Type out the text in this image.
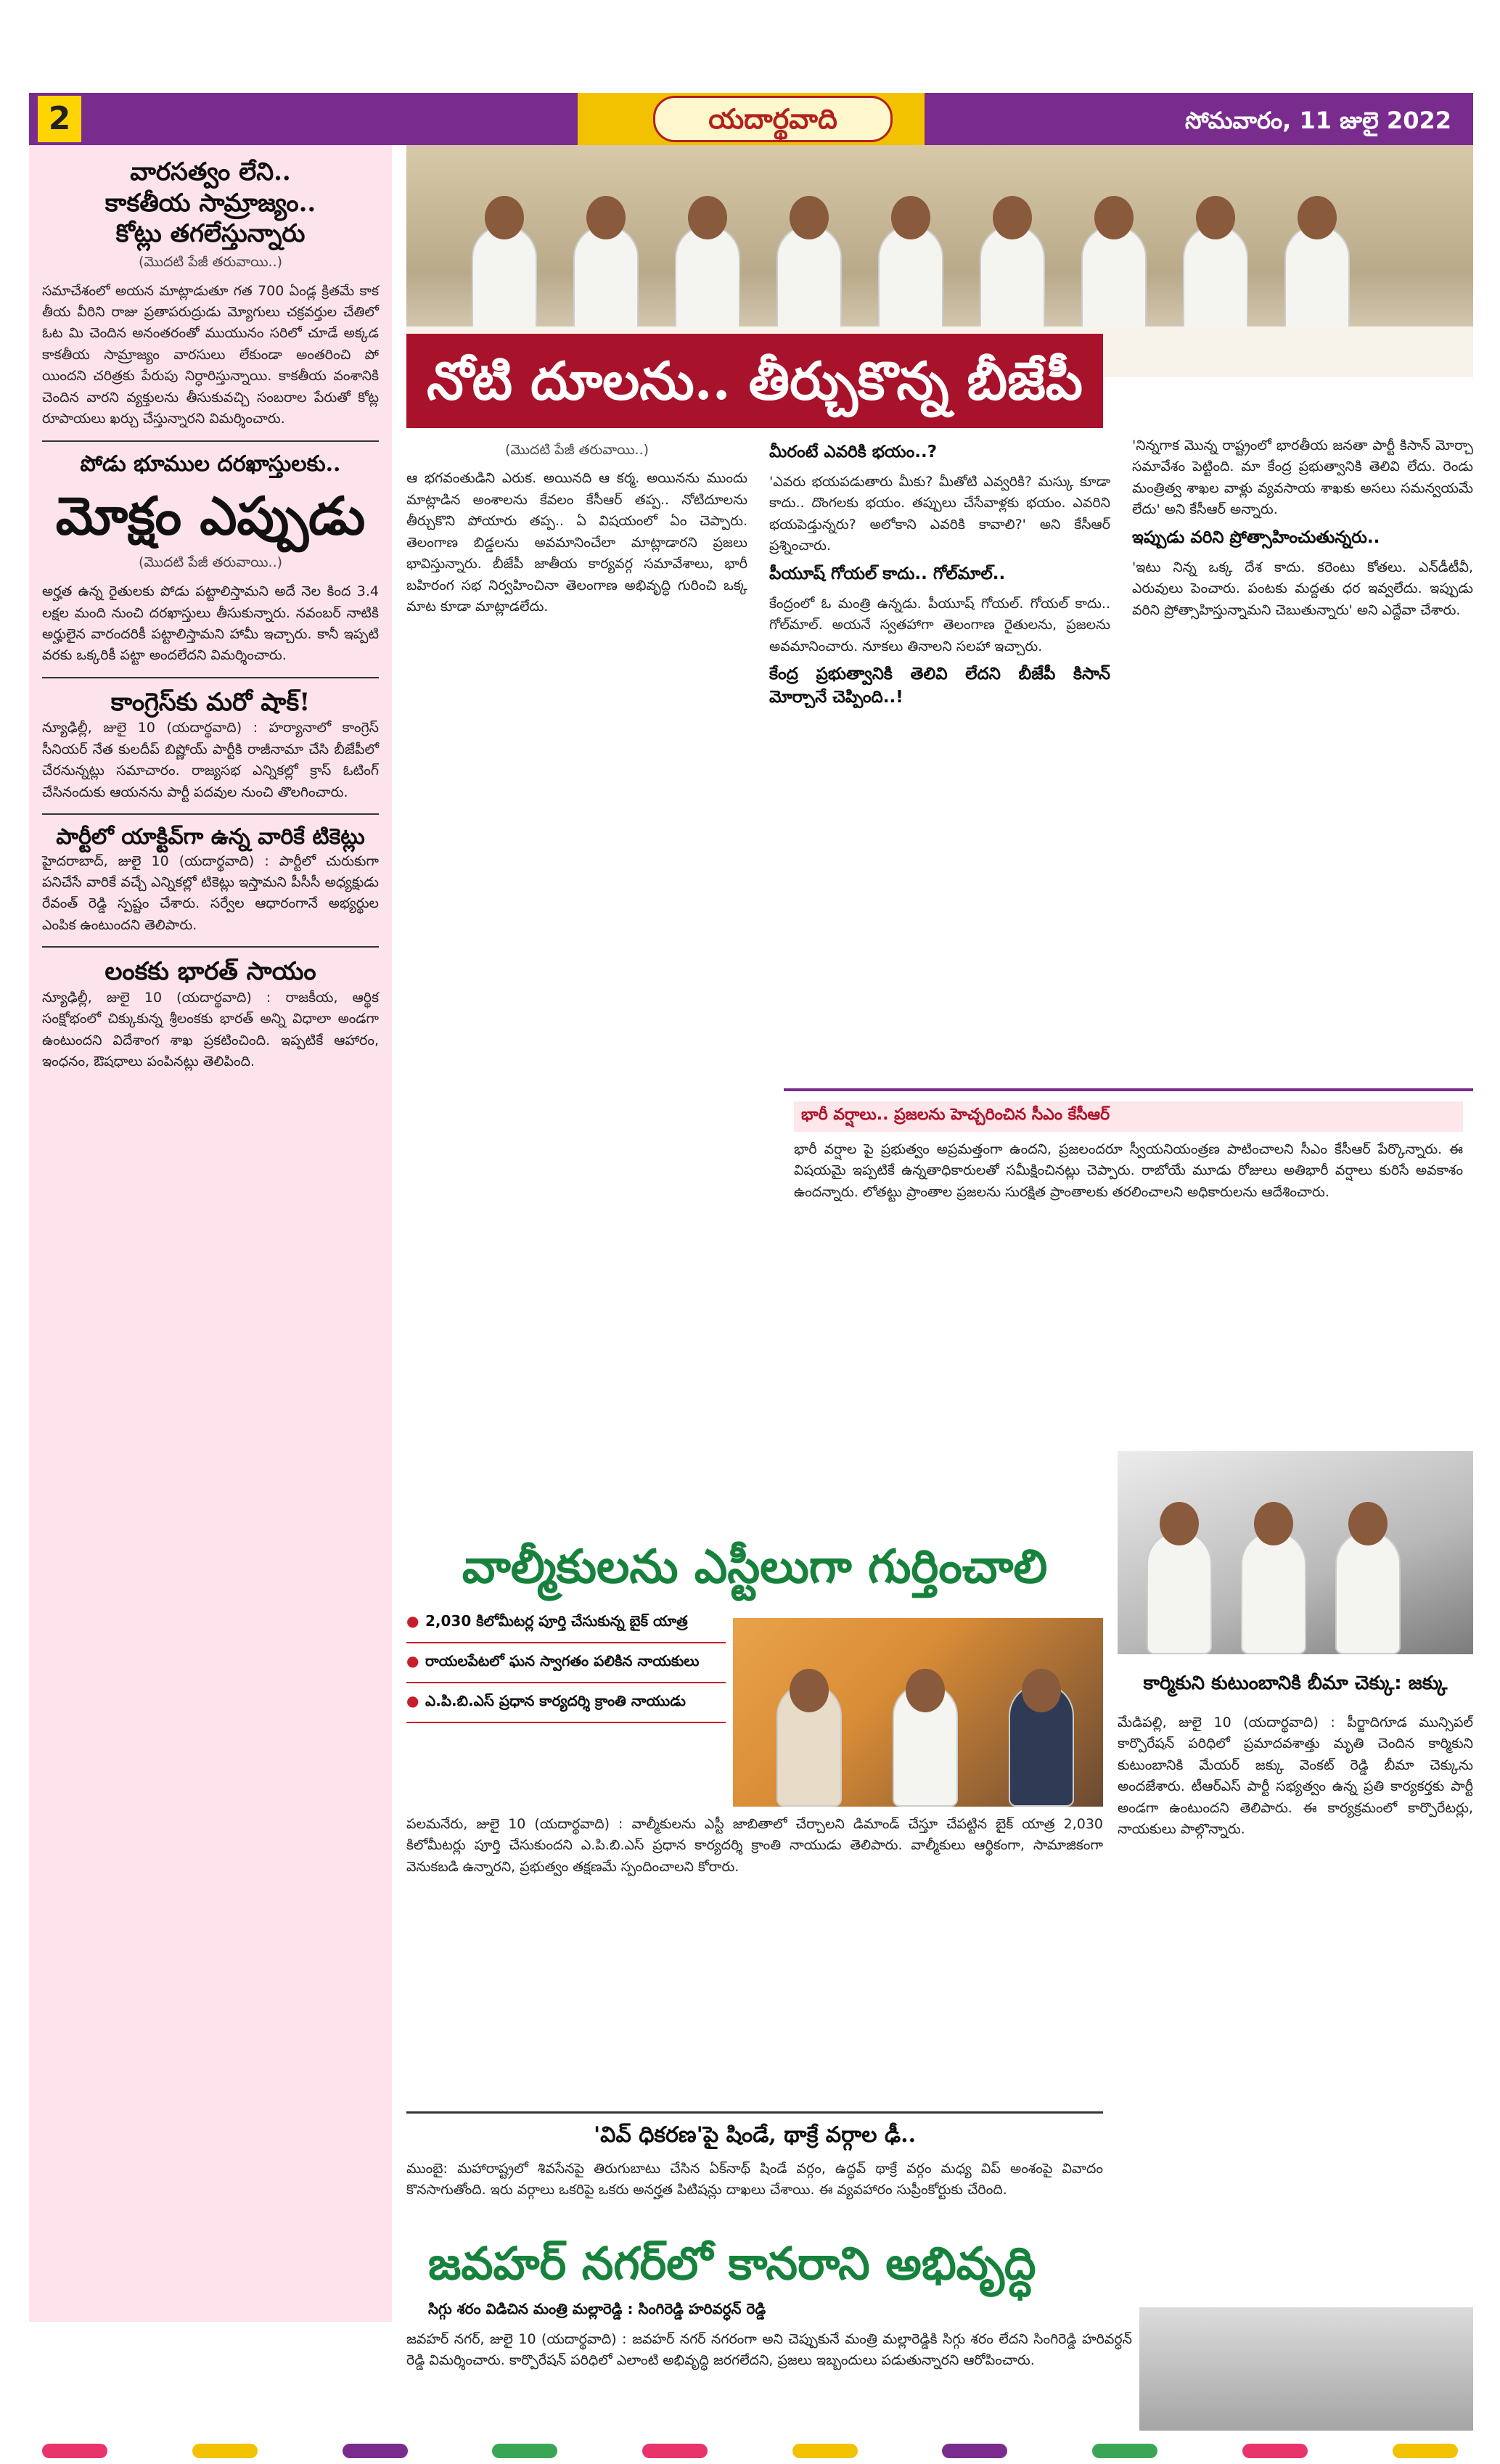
2	యదార్థవాది	సోమవారం, 11 జులై 2022
వారసత్వం లేని..
కాకతీయ సామ్రాజ్యం..
కోట్లు తగలేస్తున్నారు
(మొదటి పేజీ తరువాయి..)
సమాచేశంలో అయన మాట్లాడుతూ గత 700 ఏండ్ల క్రితమే కాక తీయ వీరిని రాజు ప్రతాపరుద్రుడు మ్యోగులు చక్రవర్తుల చేతిలో ఓట మి చెందిన అనంతరంతో ముయునం సరిలో చూడే అక్కడ కాకతీయ సామ్రాజ్యం వారసులు లేకుండా అంతరించి పో యిందని చరిత్రకు పేరుపు నిర్ధారిస్తున్నాయి. కాకతీయ వంశానికి చెందిన వారని వ్యక్తులను తీసుకువచ్చి సంబరాల పేరుతో కోట్ల రూపాయలు ఖర్చు చేస్తున్నారని విమర్శించారు.
పోడు భూముల దరఖాస్తులకు..
మోక్షం ఎప్పుడు
(మొదటి పేజీ తరువాయి..)
అర్హత ఉన్న రైతులకు పోడు పట్టాలిస్తామని అదే నెల కింద 3.4 లక్షల మంది నుంచి దరఖాస్తులు తీసుకున్నారు. నవంబర్ నాటికి అర్హులైన వారందరికీ పట్టాలిస్తామని హామీ ఇచ్చారు. కానీ ఇప్పటి వరకు ఒక్కరికీ పట్టా అందలేదని విమర్శించారు.
కాంగ్రెస్‌కు మరో షాక్!
న్యూఢిల్లీ, జులై 10 (యదార్థవాది) : హర్యానాలో కాంగ్రెస్ సీనియర్ నేత కులదీప్ బిష్ణోయ్ పార్టీకి రాజీనామా చేసి బీజేపీలో చేరనున్నట్లు సమాచారం. రాజ్యసభ ఎన్నికల్లో క్రాస్ ఓటింగ్ చేసినందుకు ఆయనను పార్టీ పదవుల నుంచి తొలగించారు.
పార్టీలో యాక్టివ్‌గా ఉన్న వారికే టికెట్లు
హైదరాబాద్, జులై 10 (యదార్థవాది) : పార్టీలో చురుకుగా పనిచేసే వారికే వచ్చే ఎన్నికల్లో టికెట్లు ఇస్తామని పీసీసీ అధ్యక్షుడు రేవంత్ రెడ్డి స్పష్టం చేశారు. సర్వేల ఆధారంగానే అభ్యర్థుల ఎంపిక ఉంటుందని తెలిపారు.
లంకకు భారత్ సాయం
న్యూఢిల్లీ, జులై 10 (యదార్థవాది) : రాజకీయ, ఆర్థిక సంక్షోభంలో చిక్కుకున్న శ్రీలంకకు భారత్ అన్ని విధాలా అండగా ఉంటుందని విదేశాంగ శాఖ ప్రకటించింది. ఇప్పటికే ఆహారం, ఇంధనం, ఔషధాలు పంపినట్లు తెలిపింది.
నోటి దూలను.. తీర్చుకొన్న బీజేపీ
(మొదటి పేజీ తరువాయి..)
ఆ భగవంతుడిని ఎరుక. అయినది ఆ కర్మ. అయినను ముందు మాట్లాడిన అంశాలను కేవలం కేసీఆర్ తప్ప.. నోటిదూలను తీర్చుకొని పోయారు తప్ప.. ఏ విషయంలో ఏం చెప్పారు. తెలంగాణ బిడ్డలను అవమానించేలా మాట్లాడారని ప్రజలు భావిస్తున్నారు. బీజేపీ జాతీయ కార్యవర్గ సమావేశాలు, భారీ బహిరంగ సభ నిర్వహించినా తెలంగాణ అభివృద్ధి గురించి ఒక్క మాట కూడా మాట్లాడలేదు.
మీరంటే ఎవరికి భయం..?
'ఎవరు భయపడుతారు మీకు? మీతోటి ఎవ్వరికి? మస్కు కూడా కాదు.. దొంగలకు భయం. తప్పులు చేసేవాళ్లకు భయం. ఎవరిని భయపెడ్తున్నరు? అలోకాని ఎవరికి కావాలి?' అని కేసీఆర్ ప్రశ్నించారు.
పీయూష్ గోయల్ కాదు.. గోల్‌మాల్..
కేంద్రంలో ఓ మంత్రి ఉన్నడు. పీయూష్ గోయల్. గోయల్ కాదు.. గోల్‌మాల్. అయనే స్వతహాగా తెలంగాణ రైతులను, ప్రజలను అవమానించారు. నూకలు తినాలని సలహా ఇచ్చారు.
కేంద్ర ప్రభుత్వానికి తెలివి లేదని బీజేపీ కిసాన్ మోర్చానే చెప్పింది..!
'నిన్నగాక మొన్న రాష్ట్రంలో భారతీయ జనతా పార్టీ కిసాన్ మోర్చా సమావేశం పెట్టింది. మా కేంద్ర ప్రభుత్వానికి తెలివి లేదు. రెండు మంత్రిత్వ శాఖల వాళ్లు వ్యవసాయ శాఖకు అసలు సమన్వయమే లేదు' అని కేసీఆర్ అన్నారు.
ఇప్పుడు వరిని ప్రోత్సాహించుతున్నరు..
'ఇటు నిన్న ఒక్క దేశ కాదు. కరెంటు కోతలు. ఎన్‌డీటీవీ, ఎరువులు పెంచారు. పంటకు మద్దతు ధర ఇవ్వలేదు. ఇప్పుడు వరిని ప్రోత్సాహిస్తున్నామని చెబుతున్నారు' అని ఎద్దేవా చేశారు.
భారీ వర్షాలు.. ప్రజలను హెచ్చరించిన సీఎం కేసీఆర్
భారీ వర్షాల పై ప్రభుత్వం అప్రమత్తంగా ఉందని, ప్రజలందరూ స్వీయనియంత్రణ పాటించాలని సీఎం కేసీఆర్ పేర్కొన్నారు. ఈ విషయమై ఇప్పటికే ఉన్నతాధికారులతో సమీక్షించినట్లు చెప్పారు. రాబోయే మూడు రోజులు అతిభారీ వర్షాలు కురిసే అవకాశం ఉందన్నారు. లోతట్టు ప్రాంతాల ప్రజలను సురక్షిత ప్రాంతాలకు తరలించాలని అధికారులను ఆదేశించారు.
వాల్మీకులను ఎస్టీలుగా గుర్తించాలి
● 2,030 కిలోమీటర్ల పూర్తి చేసుకున్న బైక్ యాత్ర
● రాయలపేటలో ఘన స్వాగతం పలికిన నాయకులు
● ఎ.పి.బి.ఎస్ ప్రధాన కార్యదర్శి క్రాంతి నాయుడు
పలమనేరు, జులై 10 (యదార్థవాది) : వాల్మీకులను ఎస్టీ జాబితాలో చేర్చాలని డిమాండ్ చేస్తూ చేపట్టిన బైక్ యాత్ర 2,030 కిలోమీటర్లు పూర్తి చేసుకుందని ఎ.పి.బి.ఎస్ ప్రధాన కార్యదర్శి క్రాంతి నాయుడు తెలిపారు. వాల్మీకులు ఆర్థికంగా, సామాజికంగా వెనుకబడి ఉన్నారని, ప్రభుత్వం తక్షణమే స్పందించాలని కోరారు.
కార్మికుని కుటుంబానికి బీమా చెక్కు: జక్కు
మేడిపల్లి, జులై 10 (యదార్థవాది) : పీర్జాదిగూడ మున్సిపల్ కార్పొరేషన్ పరిధిలో ప్రమాదవశాత్తు మృతి చెందిన కార్మికుని కుటుంబానికి మేయర్ జక్కు వెంకట్ రెడ్డి బీమా చెక్కును అందజేశారు. టీఆర్ఎస్ పార్టీ సభ్యత్వం ఉన్న ప్రతి కార్యకర్తకు పార్టీ అండగా ఉంటుందని తెలిపారు. ఈ కార్యక్రమంలో కార్పొరేటర్లు, నాయకులు పాల్గొన్నారు.
'వివ్ ధికరణ'పై షిండే, థాక్రే వర్గాల ఢీ..
ముంబై: మహారాష్ట్రలో శివసేనపై తిరుగుబాటు చేసిన ఏక్‌నాథ్ షిండే వర్గం, ఉద్ధవ్ థాక్రే వర్గం మధ్య విప్ అంశంపై వివాదం కొనసాగుతోంది. ఇరు వర్గాలు ఒకరిపై ఒకరు అనర్హత పిటిషన్లు దాఖలు చేశాయి. ఈ వ్యవహారం సుప్రీంకోర్టుకు చేరింది.
జవహర్ నగర్‌లో కానరాని అభివృద్ధి
సిగ్గు శరం విడిచిన మంత్రి మల్లారెడ్డి : సింగిరెడ్డి హరివర్ధన్ రెడ్డి
జవహర్ నగర్, జులై 10 (యదార్థవాది) : జవహర్ నగర్ నగరంగా అని చెప్పుకునే మంత్రి మల్లారెడ్డికి సిగ్గు శరం లేదని సింగిరెడ్డి హరివర్ధన్ రెడ్డి విమర్శించారు. కార్పొరేషన్ పరిధిలో ఎలాంటి అభివృద్ధి జరగలేదని, ప్రజలు ఇబ్బందులు పడుతున్నారని ఆరోపించారు.
